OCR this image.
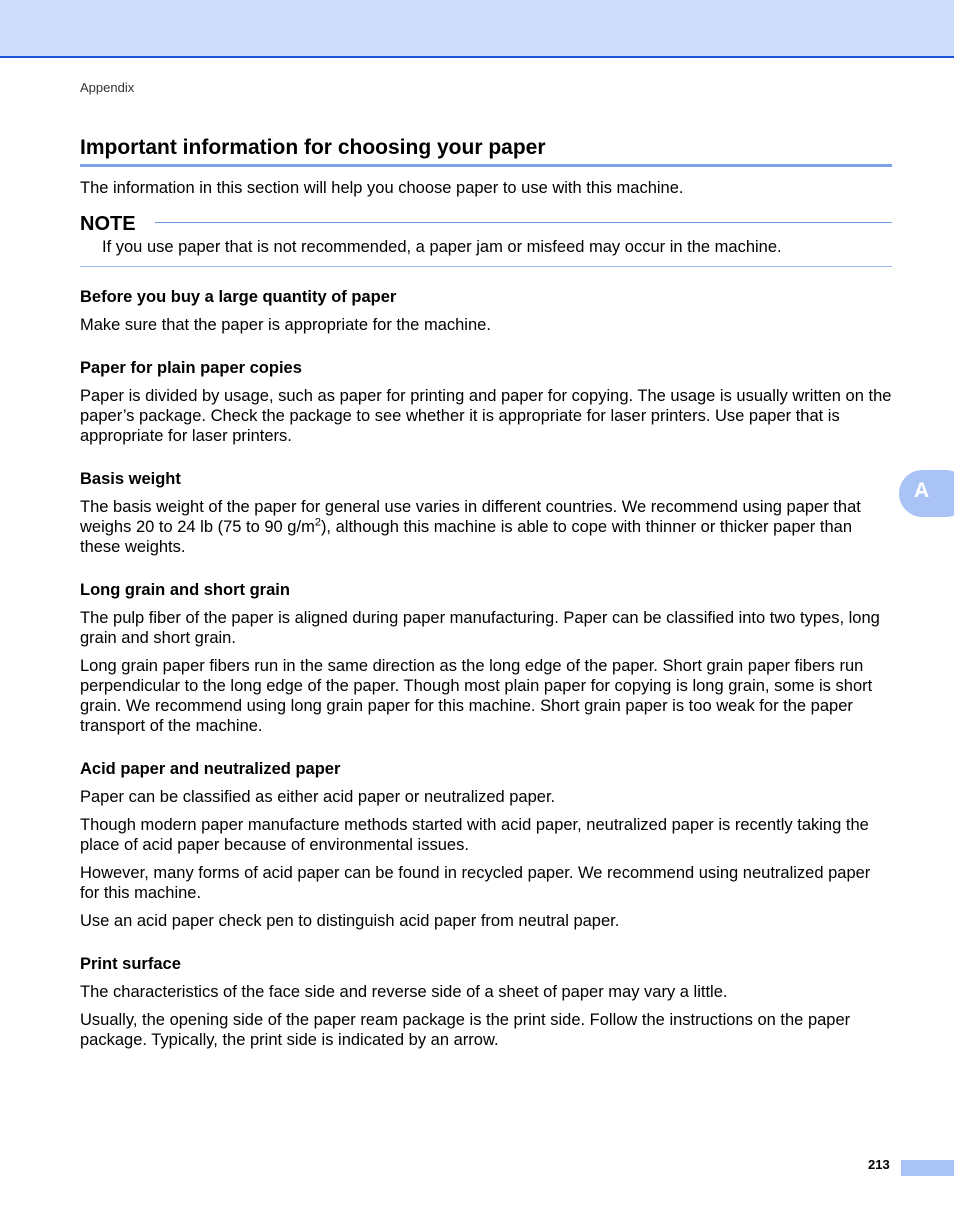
Appendix
Important information for choosing your paper
The information in this section will help you choose paper to use with this machine.
NOTE
If you use paper that is not recommended, a paper jam or misfeed may occur in the machine.
Before you buy a large quantity of paper

Make sure that the paper is appropriate for the machine.

Paper for plain paper copies

Paper is divided by usage, such as paper for printing and paper for copying. The usage is usually written on the paper’s package. Check the package to see whether it is appropriate for laser printers. Use paper that is appropriate for laser printers.

Basis weight

The basis weight of the paper for general use varies in different countries. We recommend using paper that weighs 20 to 24 lb (75 to 90 $g/m^2$), although this machine is able to cope with thinner or thicker paper than these weights.

Long grain and short grain

The pulp fiber of the paper is aligned during paper manufacturing. Paper can be classified into two types, long grain and short grain.

Long grain paper fibers run in the same direction as the long edge of the paper. Short grain paper fibers run perpendicular to the long edge of the paper. Though most plain paper for copying is long grain, some is short grain. We recommend using long grain paper for this machine. Short grain paper is too weak for the paper transport of the machine.

Acid paper and neutralized paper

Paper can be classified as either acid paper or neutralized paper.

Though modern paper manufacture methods started with acid paper, neutralized paper is recently taking the place of acid paper because of environmental issues.

However, many forms of acid paper can be found in recycled paper. We recommend using neutralized paper for this machine.

Use an acid paper check pen to distinguish acid paper from neutral paper.

Print surface

The characteristics of the face side and reverse side of a sheet of paper may vary a little.

Usually, the opening side of the paper ream package is the print side. Follow the instructions on the paper package. Typically, the print side is indicated by an arrow.

A
213
